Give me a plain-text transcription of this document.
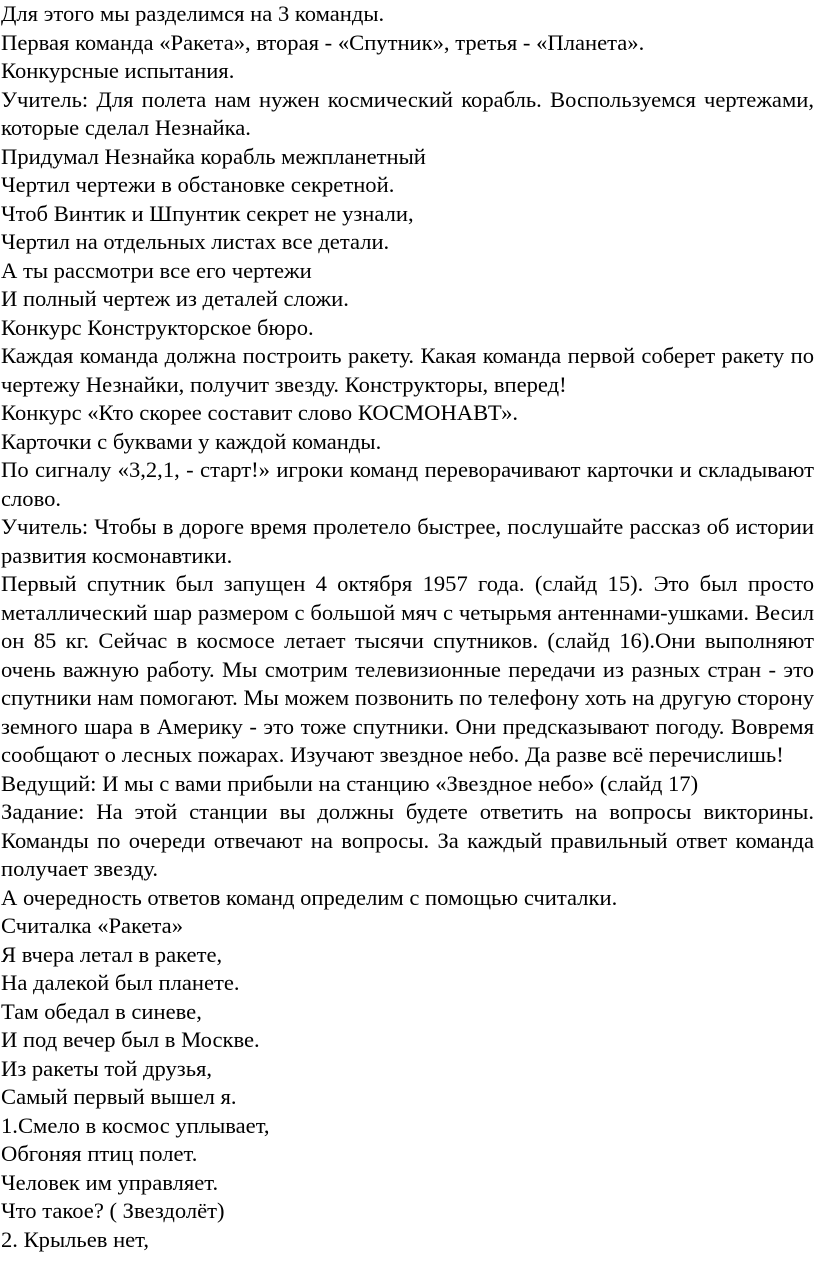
Для этого мы разделимся на 3 команды.
Первая команда «Ракета», вторая - «Спутник», третья - «Планета».
Конкурсные испытания.
Учитель: Для полета нам нужен космический корабль. Воспользуемся чертежами, которые сделал Незнайка.
Придумал Незнайка корабль межпланетный
Чертил чертежи в обстановке секретной.
Чтоб Винтик и Шпунтик секрет не узнали,
Чертил на отдельных листах все детали.
А ты рассмотри все его чертежи
И полный чертеж из деталей сложи.
Конкурс Конструкторское бюро.
Каждая команда должна построить ракету. Какая команда первой соберет ракету по чертежу Незнайки, получит звезду. Конструкторы, вперед!
Конкурс «Кто скорее составит слово КОСМОНАВТ».
Карточки с буквами у каждой команды.
По сигналу «3,2,1, - старт!» игроки команд переворачивают карточки и складывают слово.
Учитель: Чтобы в дороге время пролетело быстрее, послушайте рассказ об истории развития космонавтики.
Первый спутник был запущен 4 октября 1957 года. (слайд 15). Это был просто металлический шар размером с большой мяч с четырьмя антеннами-ушками. Весил он 85 кг. Сейчас в космосе летает тысячи спутников. (слайд 16).Они выполняют очень важную работу. Мы смотрим телевизионные передачи из разных стран - это спутники нам помогают. Мы можем позвонить по телефону хоть на другую сторону земного шара в Америку - это тоже спутники. Они предсказывают погоду. Вовремя сообщают о лесных пожарах. Изучают звездное небо. Да разве всё перечислишь!
Ведущий: И мы с вами прибыли на станцию «Звездное небо» (слайд 17)
Задание: На этой станции вы должны будете ответить на вопросы викторины. Команды по очереди отвечают на вопросы. За каждый правильный ответ команда получает звезду.
А очередность ответов команд определим с помощью считалки.
Считалка «Ракета»
Я вчера летал в ракете,
На далекой был планете.
Там обедал в синеве,
И под вечер был в Москве.
Из ракеты той друзья,
Самый первый вышел я.
1.Смело в космос уплывает,
Обгоняя птиц полет.
Человек им управляет.
Что такое? ( Звездолёт)
2. Крыльев нет,
